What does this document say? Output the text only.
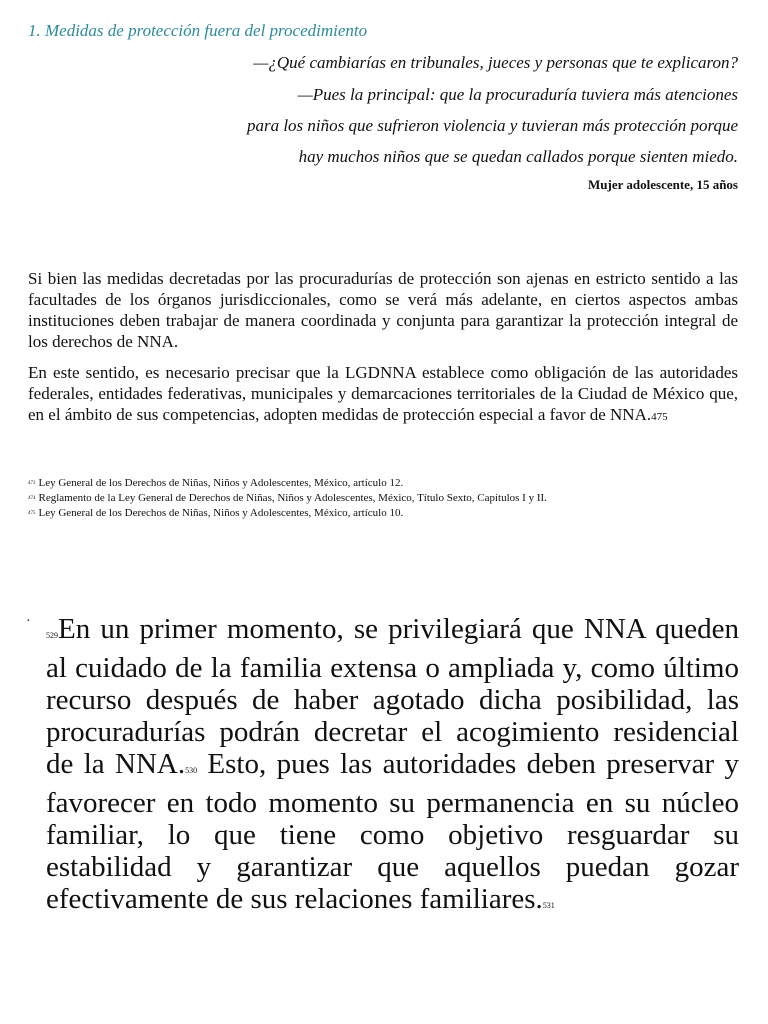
1. Medidas de protección fuera del procedimiento
—¿Qué cambiarías en tribunales, jueces y personas que te explicaron?
—Pues la principal: que la procuraduría tuviera más atenciones
para los niños que sufrieron violencia y tuvieran más protección porque
hay muchos niños que se quedan callados porque sienten miedo.
Mujer adolescente, 15 años

Si bien las medidas decretadas por las procuradurías de protección son ajenas en estricto sentido a las facultades de los órganos jurisdiccionales, como se verá más adelante, en ciertos aspectos ambas instituciones deben trabajar de manera coordinada y conjunta para garantizar la protección integral de los derechos de NNA.

En este sentido, es necesario precisar que la LGDNNA establece como obligación de las autoridades federales, entidades federativas, municipales y demarcaciones territoriales de la Ciudad de México que, en el ámbito de sus competencias, adopten medidas de protección especial a favor de NNA.475

473 Ley General de los Derechos de Niñas, Niños y Adolescentes, México, artículo 12.
474 Reglamento de la Ley General de Derechos de Niñas, Niños y Adolescentes, México, Título Sexto, Capítulos I y II.
475 Ley General de los Derechos de Niñas, Niños y Adolescentes, México, artículo 10.
·

529En un primer momento, se privilegiará que NNA queden al cuidado de la familia extensa o ampliada y, como último recurso después de haber agotado dicha posibilidad, las procuradurías podrán decretar el acogimiento residencial de la NNA.530 Esto, pues las autoridades deben preservar y favorecer en todo momento su permanencia en su núcleo familiar, lo que tiene como objetivo resguardar su estabilidad y garantizar que aquellos puedan gozar efectivamente de sus relaciones familiares.531
